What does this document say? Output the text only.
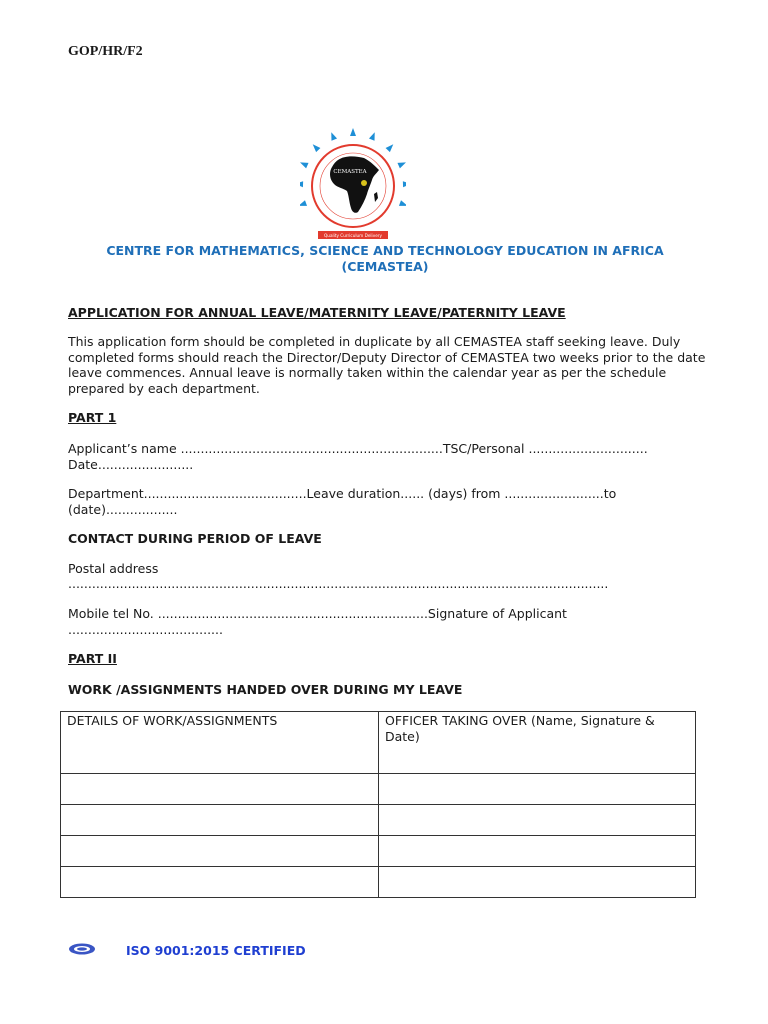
GOP/HR/F2
CEMASTEA
Quality Curriculum Delivery
CENTRE FOR MATHEMATICS, SCIENCE AND TECHNOLOGY EDUCATION IN AFRICA
(CEMASTEA)
APPLICATION FOR ANNUAL LEAVE/MATERNITY LEAVE/PATERNITY LEAVE
This application form should be completed in duplicate by all CEMASTEA staff seeking leave. Duly completed forms should reach the Director/Deputy Director of CEMASTEA two weeks prior to the date leave commences. Annual leave is normally taken within the calendar year as per the schedule prepared by each department.
PART 1
Applicant’s name ..................................................................TSC/Personal .............................. Date........................
Department.........................................Leave duration...... (days) from .........................to (date)..................
CONTACT DURING PERIOD OF LEAVE
Postal address
........................................................................................................................................
Mobile tel No. ....................................................................Signature of Applicant .......................................
PART II
WORK /ASSIGNMENTS HANDED OVER DURING MY LEAVE
DETAILS OF WORK/ASSIGNMENTS	OFFICER TAKING OVER (Name, Signature & Date)

ISO 9001:2015 CERTIFIED
